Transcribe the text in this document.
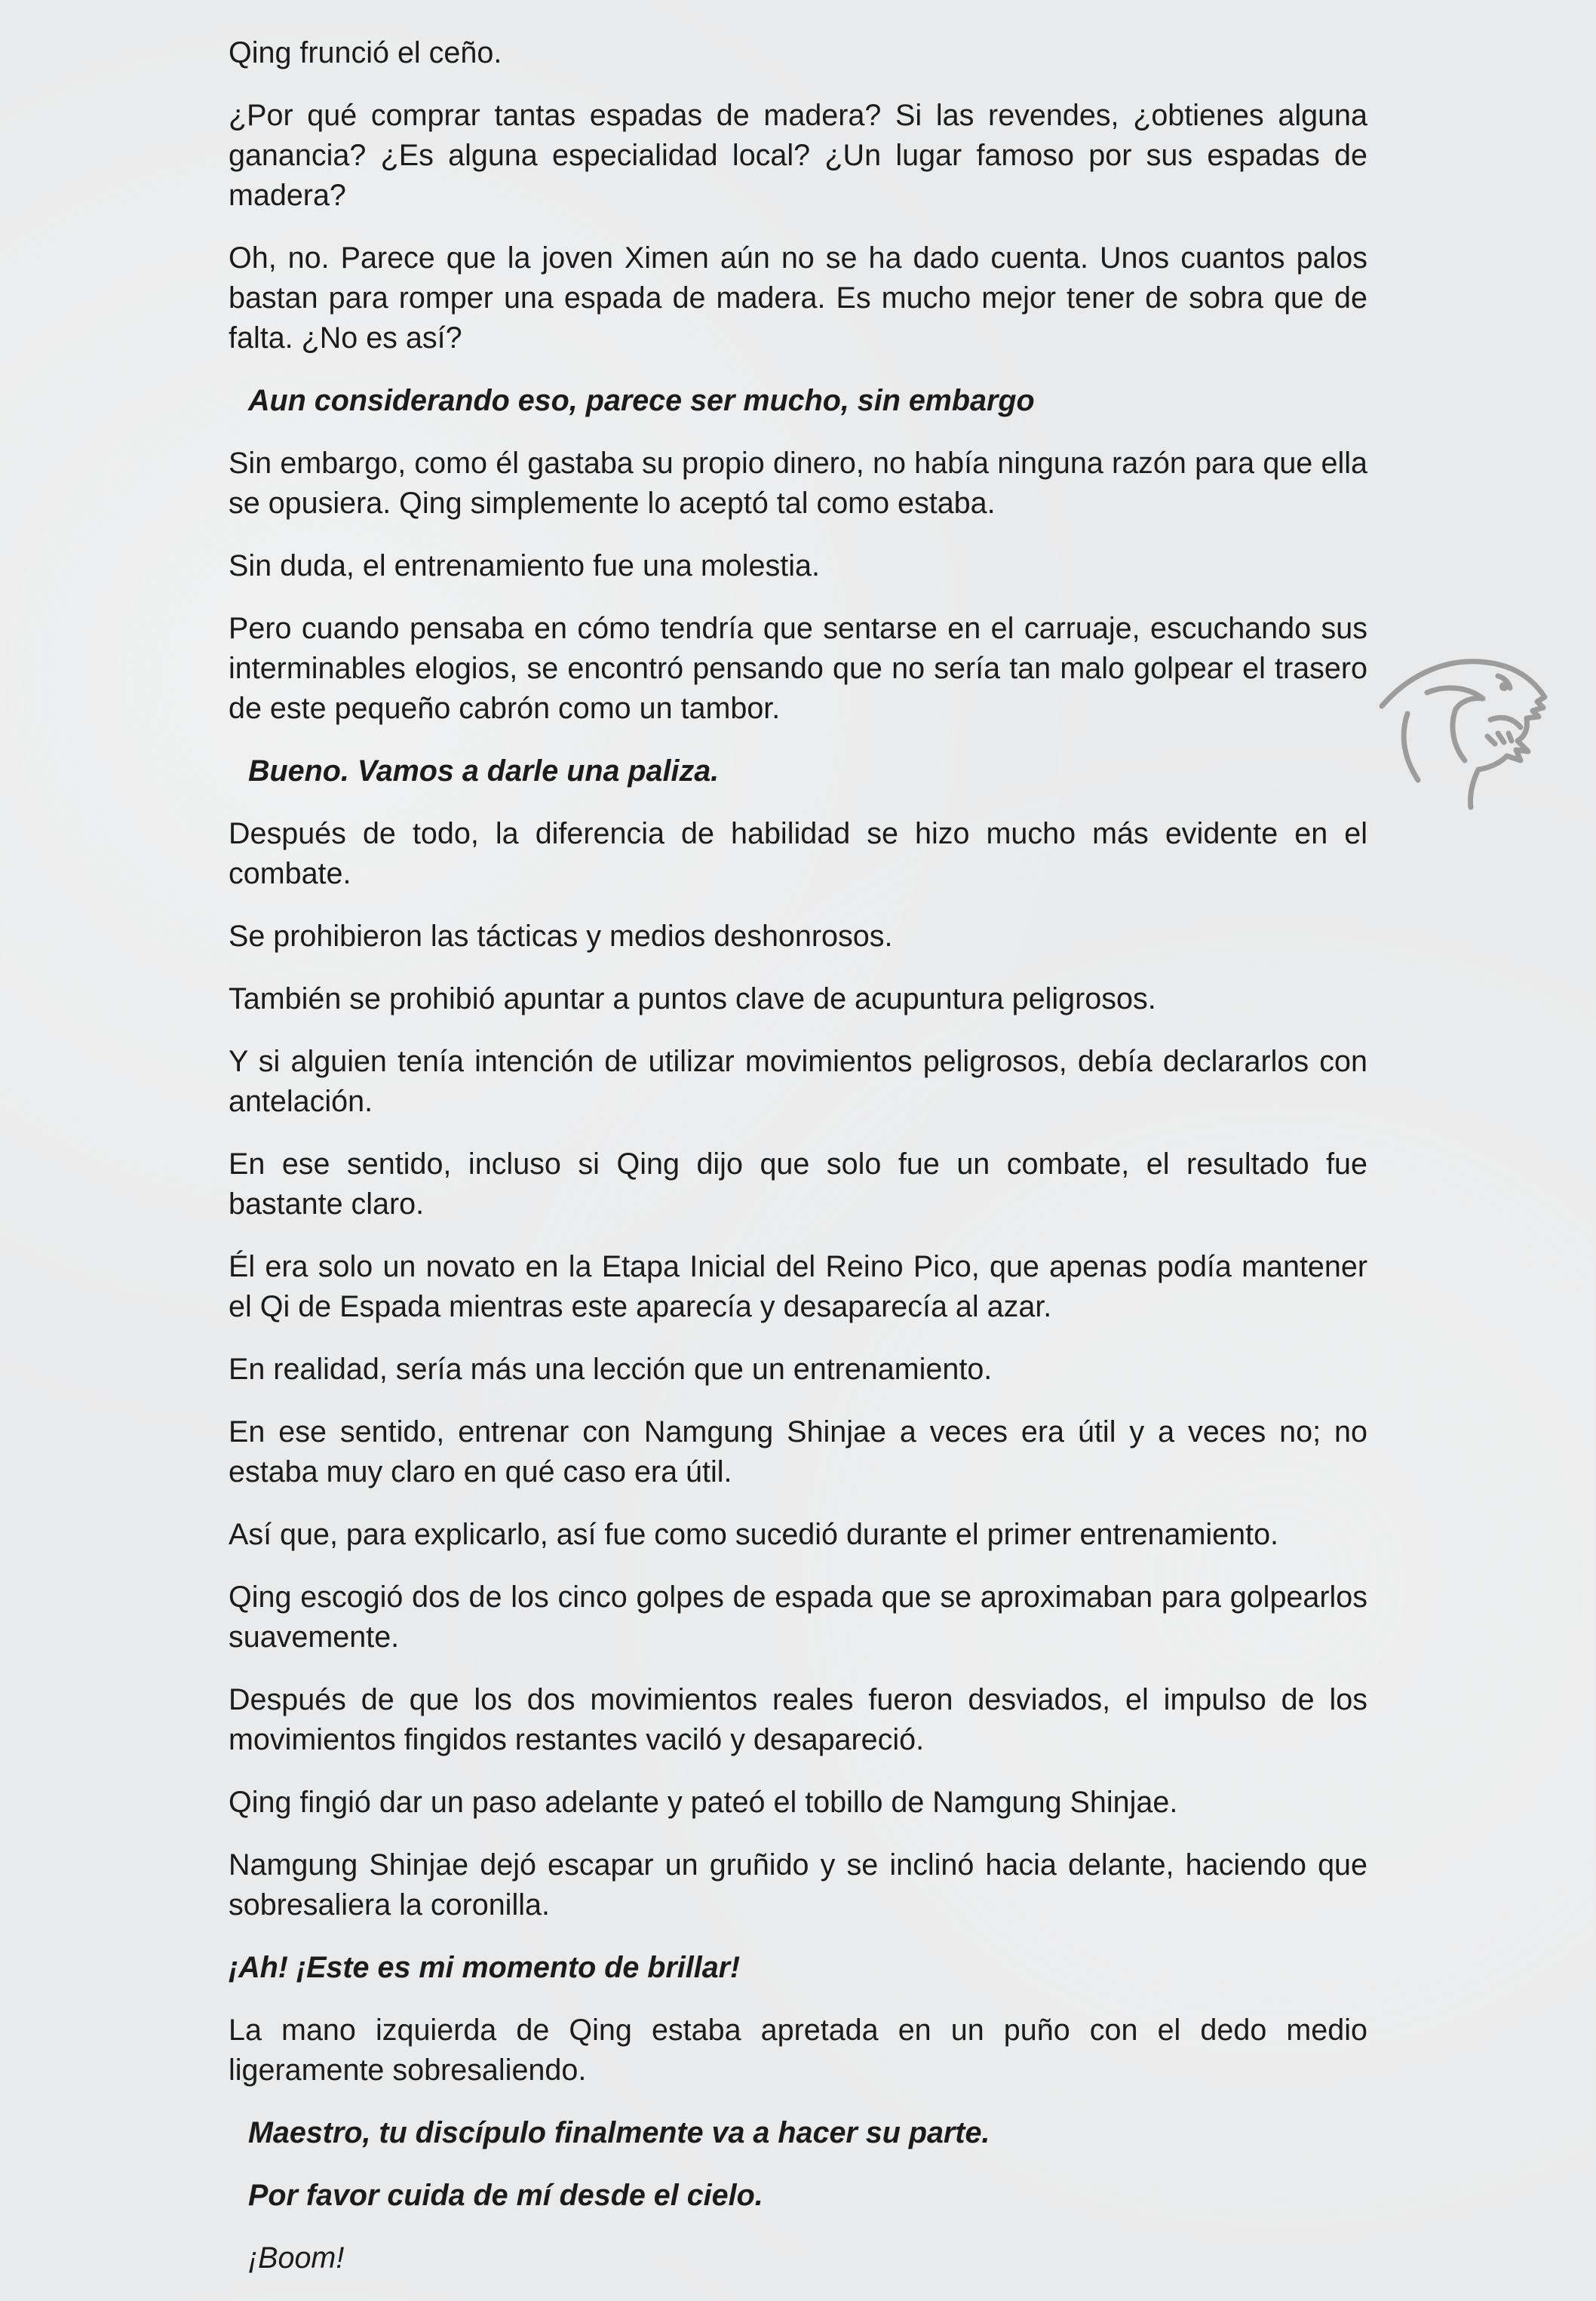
Qing frunció el ceño.

¿Por qué comprar tantas espadas de madera? Si las revendes, ¿obtienes alguna ganancia? ¿Es alguna especialidad local? ¿Un lugar famoso por sus espadas de madera?

Oh, no. Parece que la joven Ximen aún no se ha dado cuenta. Unos cuantos palos bastan para romper una espada de madera. Es mucho mejor tener de sobra que de falta. ¿No es así?

Aun considerando eso, parece ser mucho, sin embargo

Sin embargo, como él gastaba su propio dinero, no había ninguna razón para que ella se opusiera. Qing simplemente lo aceptó tal como estaba.

Sin duda, el entrenamiento fue una molestia.

Pero cuando pensaba en cómo tendría que sentarse en el carruaje, escuchando sus interminables elogios, se encontró pensando que no sería tan malo golpear el trasero de este pequeño cabrón como un tambor.

Bueno. Vamos a darle una paliza.

Después de todo, la diferencia de habilidad se hizo mucho más evidente en el combate.

Se prohibieron las tácticas y medios deshonrosos.

También se prohibió apuntar a puntos clave de acupuntura peligrosos.

Y si alguien tenía intención de utilizar movimientos peligrosos, debía declararlos con antelación.

En ese sentido, incluso si Qing dijo que solo fue un combate, el resultado fue bastante claro.

Él era solo un novato en la Etapa Inicial del Reino Pico, que apenas podía mantener el Qi de Espada mientras este aparecía y desaparecía al azar.

En realidad, sería más una lección que un entrenamiento.

En ese sentido, entrenar con Namgung Shinjae a veces era útil y a veces no; no estaba muy claro en qué caso era útil.

Así que, para explicarlo, así fue como sucedió durante el primer entrenamiento.

Qing escogió dos de los cinco golpes de espada que se aproximaban para golpearlos suavemente.

Después de que los dos movimientos reales fueron desviados, el impulso de los movimientos fingidos restantes vaciló y desapareció.

Qing fingió dar un paso adelante y pateó el tobillo de Namgung Shinjae.

Namgung Shinjae dejó escapar un gruñido y se inclinó hacia delante, haciendo que sobresaliera la coronilla.

¡Ah! ¡Este es mi momento de brillar!

La mano izquierda de Qing estaba apretada en un puño con el dedo medio ligeramente sobresaliendo.

Maestro, tu discípulo finalmente va a hacer su parte.

Por favor cuida de mí desde el cielo.

¡Boom!
